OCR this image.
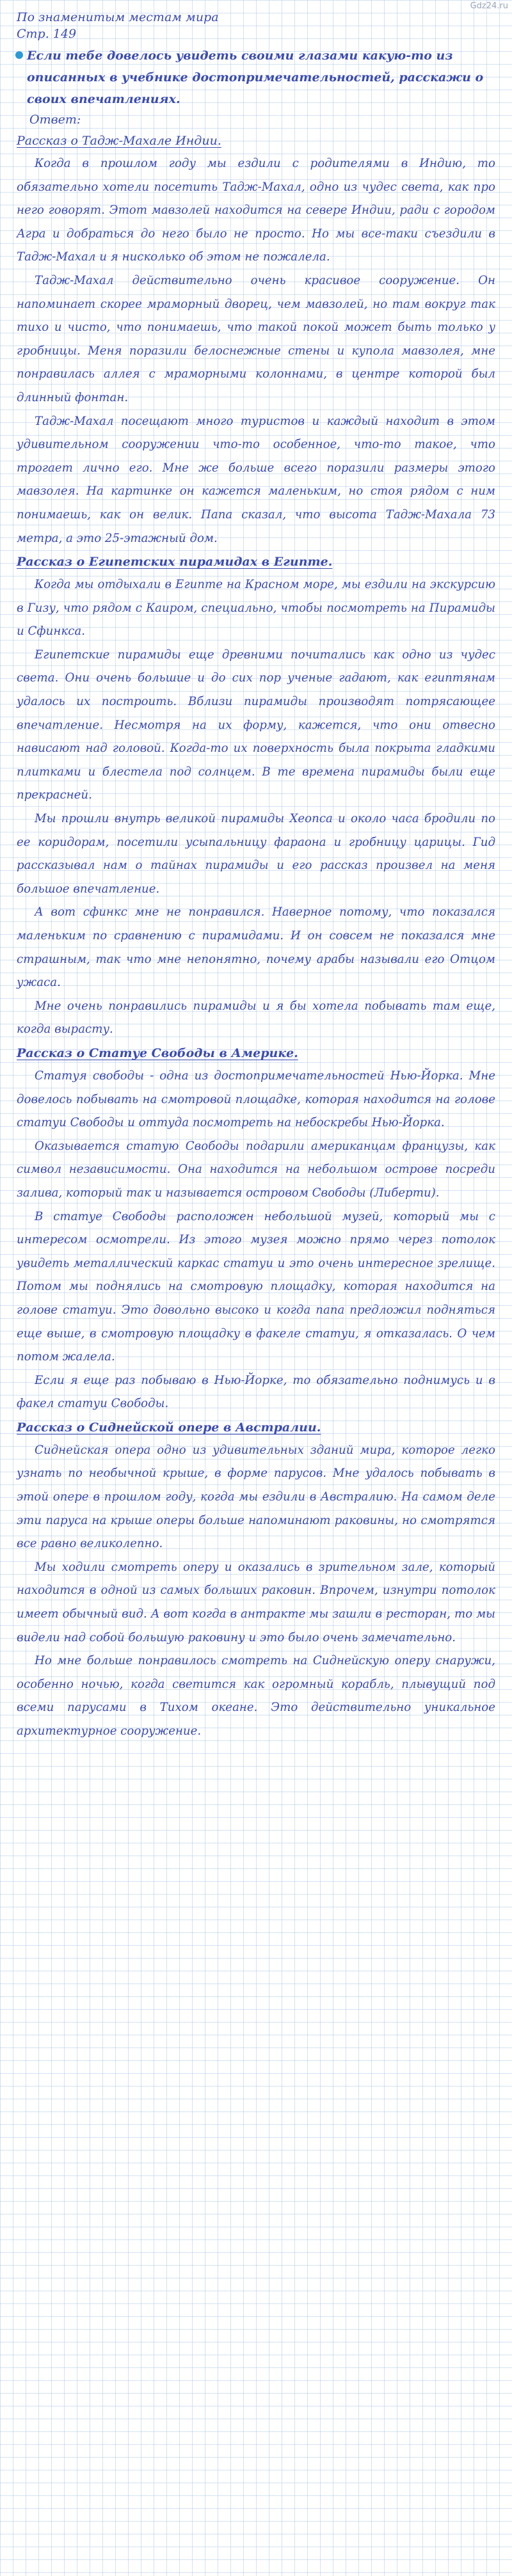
Gdz24.ru
По знаменитым местам мира
Стр. 149
Если тебе довелось увидеть своими глазами какую-то из описанных в учебнике достопримечательностей, расскажи о своих впечатлениях.
Ответ:
Рассказ о Тадж-Махале Индии.

Когда в прошлом году мы ездили с родителями в Индию, то обязательно хотели посетить Тадж-Махал, одно из чудес света, как про него говорят. Этот мавзолей находится на севере Индии, ради с городом Агра и добраться до него было не просто. Но мы все-таки съездили в Тадж-Махал и я нисколько об этом не пожалела.

Тадж-Махал действительно очень красивое сооружение. Он напоминает скорее мраморный дворец, чем мавзолей, но там вокруг так тихо и чисто, что понимаешь, что такой покой может быть только у гробницы. Меня поразили белоснежные стены и купола мавзолея, мне понравилась аллея с мраморными колоннами, в центре которой был длинный фонтан.

Тадж-Махал посещают много туристов и каждый находит в этом удивительном сооружении что-то особенное, что-то такое, что трогает лично его. Мне же больше всего поразили размеры этого мавзолея. На картинке он кажется маленьким, но стоя рядом с ним понимаешь, как он велик. Папа сказал, что высота Тадж-Махала 73 метра, а это 25-этажный дом.

Рассказ о Египетских пирамидах в Египте.

Когда мы отдыхали в Египте на Красном море, мы ездили на экскурсию в Гизу, что рядом с Каиром, специально, чтобы посмотреть на Пирамиды и Сфинкса.

Египетские пирамиды еще древними почитались как одно из чудес света. Они очень большие и до сих пор ученые гадают, как египтянам удалось их построить. Вблизи пирамиды производят потрясающее впечатление. Несмотря на их форму, кажется, что они отвесно нависают над головой. Когда-то их поверхность была покрыта гладкими плитками и блестела под солнцем. В те времена пирамиды были еще прекрасней.

Мы прошли внутрь великой пирамиды Хеопса и около часа бродили по ее коридорам, посетили усыпальницу фараона и гробницу царицы. Гид рассказывал нам о тайнах пирамиды и его рассказ произвел на меня большое впечатление.

А вот сфинкс мне не понравился. Наверное потому, что показался маленьким по сравнению с пирамидами. И он совсем не показался мне страшным, так что мне непонятно, почему арабы называли его Отцом ужаса.

Мне очень понравились пирамиды и я бы хотела побывать там еще, когда вырасту.

Рассказ о Статуе Свободы в Америке.

Статуя свободы - одна из достопримечательностей Нью-Йорка. Мне довелось побывать на смотровой площадке, которая находится на голове статуи Свободы и оттуда посмотреть на небоскребы Нью-Йорка.

Оказывается статую Свободы подарили американцам французы, как символ независимости. Она находится на небольшом острове посреди залива, который так и называется островом Свободы (Либерти).

В статуе Свободы расположен небольшой музей, который мы с интересом осмотрели. Из этого музея можно прямо через потолок увидеть металлический каркас статуи и это очень интересное зрелище. Потом мы поднялись на смотровую площадку, которая находится на голове статуи. Это довольно высоко и когда папа предложил подняться еще выше, в смотровую площадку в факеле статуи, я отказалась. О чем потом жалела.

Если я еще раз побываю в Нью-Йорке, то обязательно поднимусь и в факел статуи Свободы.

Рассказ о Сиднейской опере в Австралии.

Сиднейская опера одно из удивительных зданий мира, которое легко узнать по необычной крыше, в форме парусов. Мне удалось побывать в этой опере в прошлом году, когда мы ездили в Австралию. На самом деле эти паруса на крыше оперы больше напоминают раковины, но смотрятся все равно великолепно.

Мы ходили смотреть оперу и оказались в зрительном зале, который находится в одной из самых больших раковин. Впрочем, изнутри потолок имеет обычный вид. А вот когда в антракте мы зашли в ресторан, то мы видели над собой большую раковину и это было очень замечательно.

Но мне больше понравилось смотреть на Сиднейскую оперу снаружи, особенно ночью, когда светится как огромный корабль, плывущий под всеми парусами в Тихом океане. Это действительно уникальное архитектурное сооружение.
